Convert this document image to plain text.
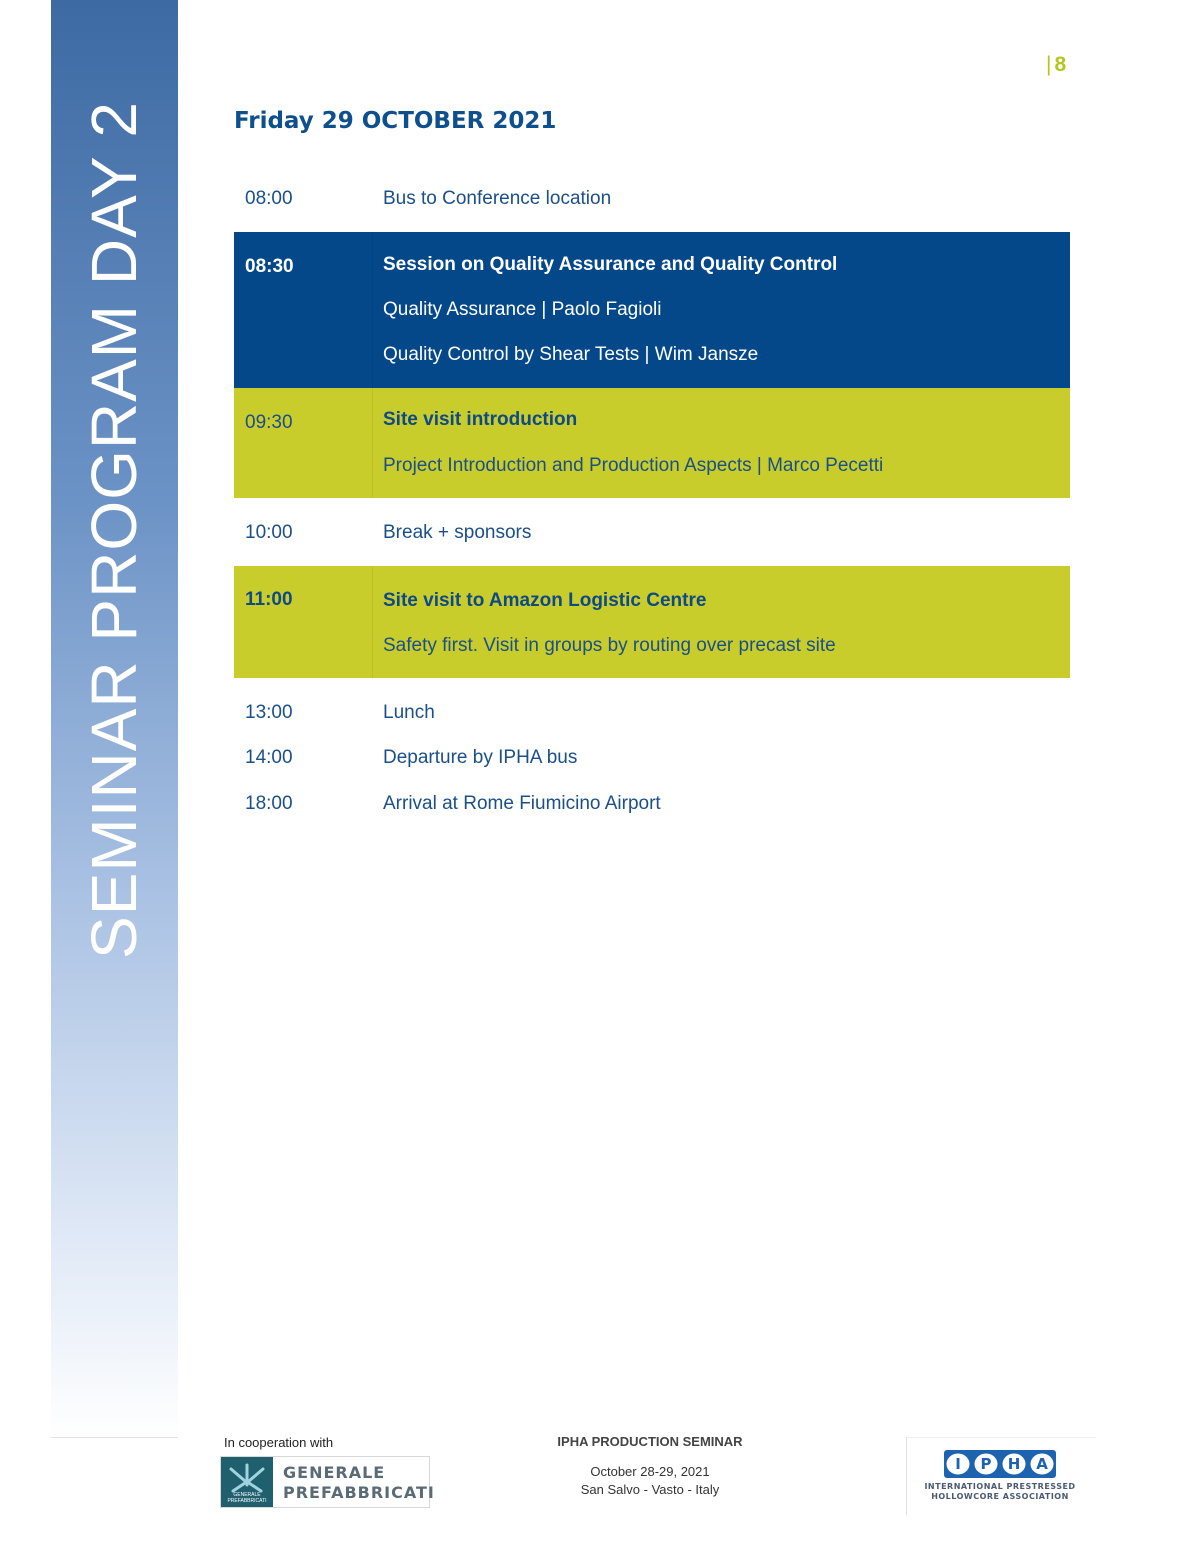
SEMINAR PROGRAM DAY 2
| 8
Friday 29 OCTOBER 2021
08:00	Bus to Conference location
08:30	Session on Quality Assurance and Quality Control
Quality Assurance | Paolo Fagioli
Quality Control by Shear Tests | Wim Jansze
09:30	Site visit introduction
Project Introduction and Production Aspects | Marco Pecetti
10:00	Break + sponsors
11:00	Site visit to Amazon Logistic Centre
Safety first. Visit in groups by routing over precast site
13:00	Lunch
14:00	Departure by IPHA bus
18:00	Arrival at Rome Fiumicino Airport
In cooperation with
GENERALE
PREFABBRICATI
GENERALE
PREFABBRICATI
IPHA PRODUCTION SEMINAR
October 28-29, 2021
San Salvo - Vasto - Italy
I P H A
INTERNATIONAL PRESTRESSED
HOLLOWCORE ASSOCIATION
